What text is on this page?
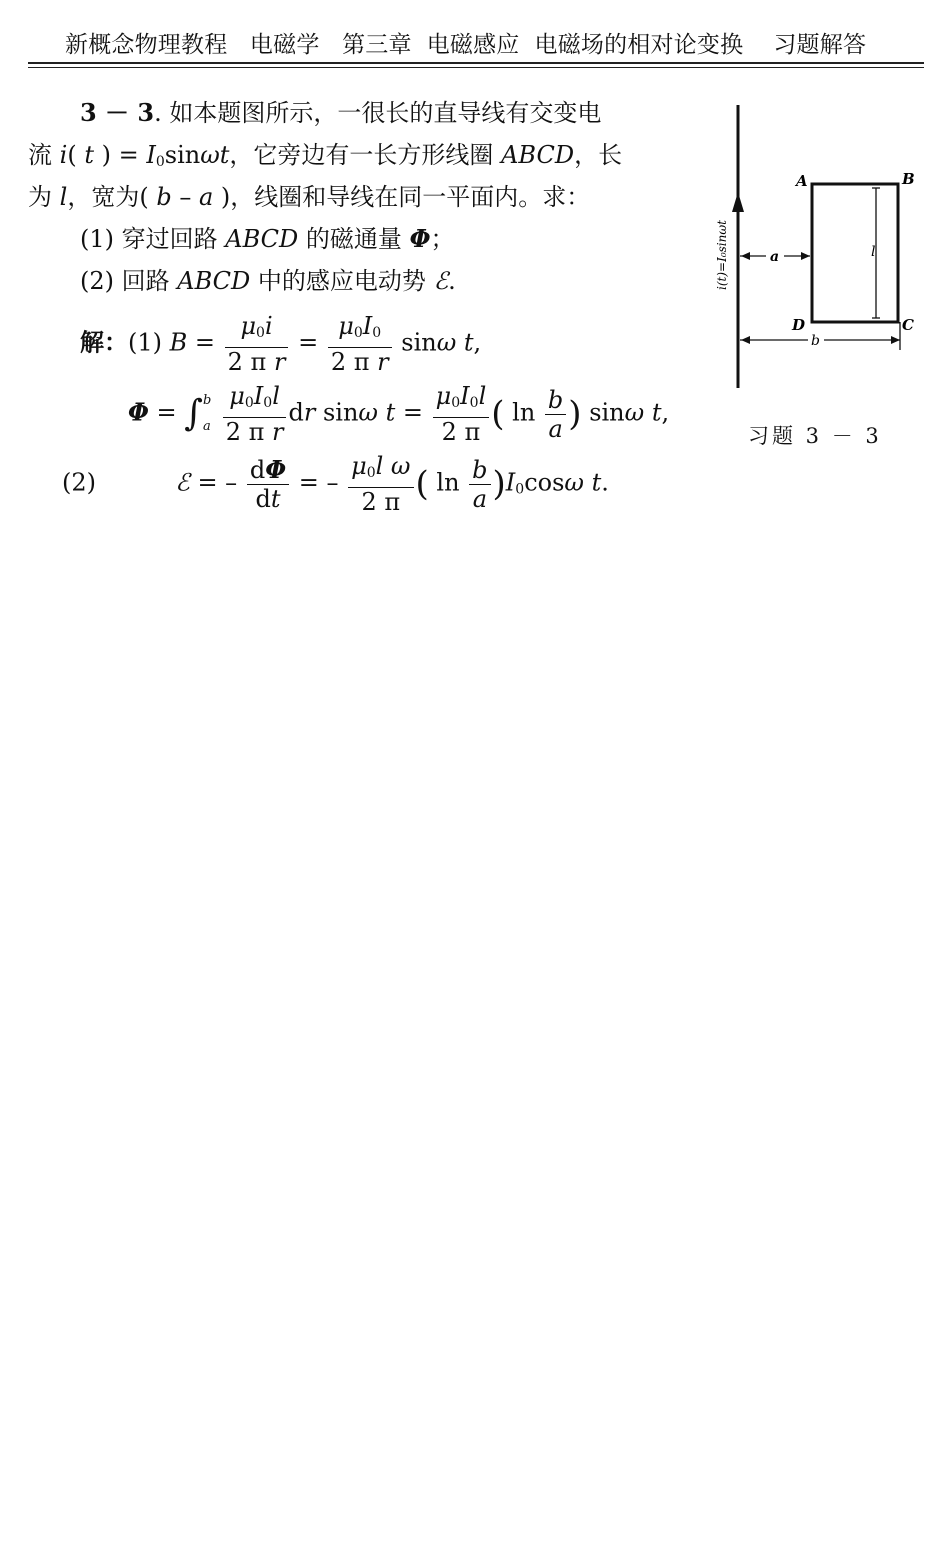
新概念物理教程   电磁学   第三章  电磁感应  电磁场的相对论变换    习题解答
3 － 3. 如本题图所示，一很长的直导线有交变电
流 i( t ) = $I_0\sin\omega t$，它旁边有一长方形线圈 ABCD，长
为 l，宽为( b – a )，线圈和导线在同一平面内。求：
(1) 穿过回路 ABCD 的磁通量 Φ；
(2) 回路 ABCD 中的感应电动势 ℰ.
解：(1) $B = \frac{\mu_0i}{\text{2 π r}} = \frac{\mu_0I_0}{\text{2 π r}}$ sinω t,
Φ = ∫ b
a
$\frac{\mu_0I_0l}{\text{2 π r}}$ dr sinω $t = \frac{\mu_0I_0l}{2 \pi}$ ( $\ln \frac{b}{a}$ ) sinω t,
(2)	ℰ = – $\frac{d\Phi}{dt}$ = – $\frac{\mu_0l \omega}{2 \pi}$ ( $\ln \frac{b}{a} )I_0\cos\omega$ t.
i(t)=I₀sinωt
A	B
C
D
l
a
b
习题 3 － 3
